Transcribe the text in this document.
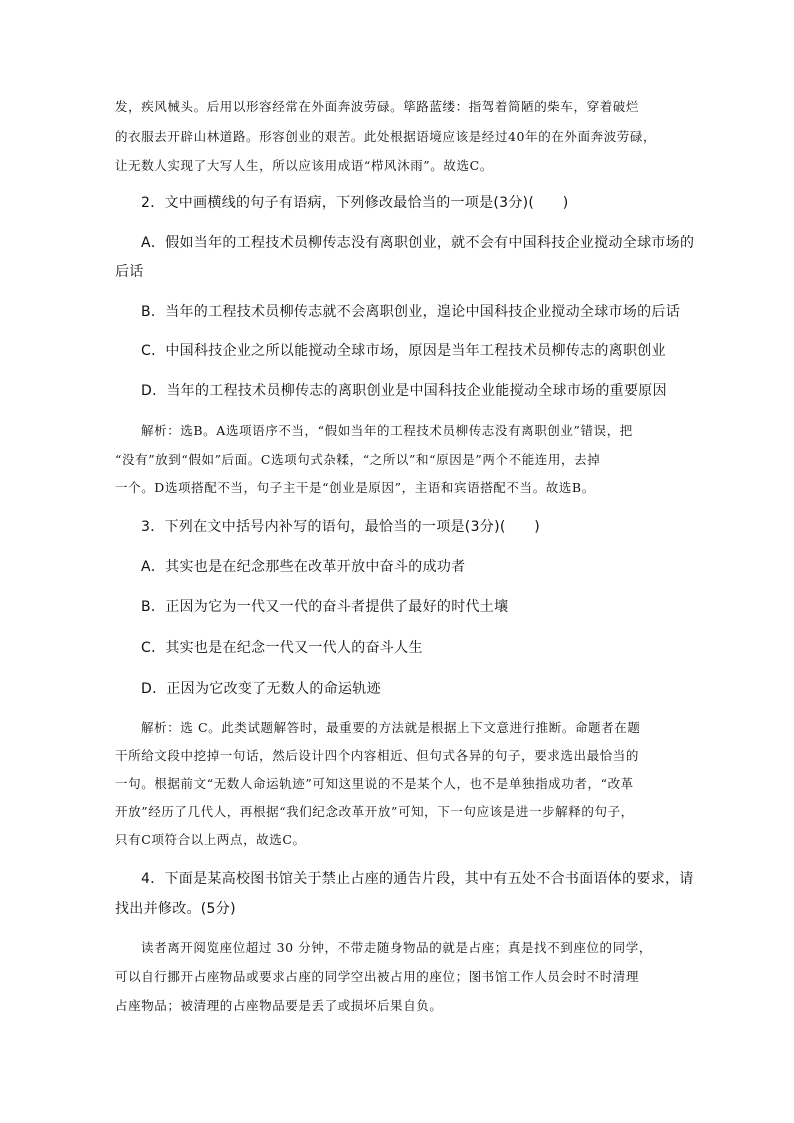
发，疾风械头。后用以形容经常在外面奔波劳碌。筚路蓝缕：指驾着简陋的柴车，穿着破烂
的衣服去开辟山林道路。形容创业的艰苦。此处根据语境应该是经过40年的在外面奔波劳碌，
让无数人实现了大写人生，所以应该用成语“栉风沐雨”。故选C。
2．文中画横线的句子有语病，下列修改最恰当的一项是(3分)(　　)
A．假如当年的工程技术员柳传志没有离职创业，就不会有中国科技企业搅动全球市场的
后话
B．当年的工程技术员柳传志就不会离职创业，遑论中国科技企业搅动全球市场的后话
C．中国科技企业之所以能搅动全球市场，原因是当年工程技术员柳传志的离职创业
D．当年的工程技术员柳传志的离职创业是中国科技企业能搅动全球市场的重要原因
解析：选B。A选项语序不当，“假如当年的工程技术员柳传志没有离职创业”错误，把
“没有”放到“假如”后面。C选项句式杂糅，“之所以”和“原因是”两个不能连用，去掉
一个。D选项搭配不当，句子主干是“创业是原因”，主语和宾语搭配不当。故选B。
3．下列在文中括号内补写的语句，最恰当的一项是(3分)(　　)
A．其实也是在纪念那些在改革开放中奋斗的成功者
B．正因为它为一代又一代的奋斗者提供了最好的时代土壤
C．其实也是在纪念一代又一代人的奋斗人生
D．正因为它改变了无数人的命运轨迹
解析：选 C。此类试题解答时，最重要的方法就是根据上下文意进行推断。命题者在题
干所给文段中挖掉一句话，然后设计四个内容相近、但句式各异的句子，要求选出最恰当的
一句。根据前文“无数人命运轨迹”可知这里说的不是某个人，也不是单独指成功者，“改革
开放”经历了几代人，再根据“我们纪念改革开放”可知，下一句应该是进一步解释的句子，
只有C项符合以上两点，故选C。
4．下面是某高校图书馆关于禁止占座的通告片段，其中有五处不合书面语体的要求，请
找出并修改。(5分)
读者离开阅览座位超过 30 分钟，不带走随身物品的就是占座；真是找不到座位的同学，
可以自行挪开占座物品或要求占座的同学空出被占用的座位；图书馆工作人员会时不时清理
占座物品；被清理的占座物品要是丢了或损坏后果自负。
